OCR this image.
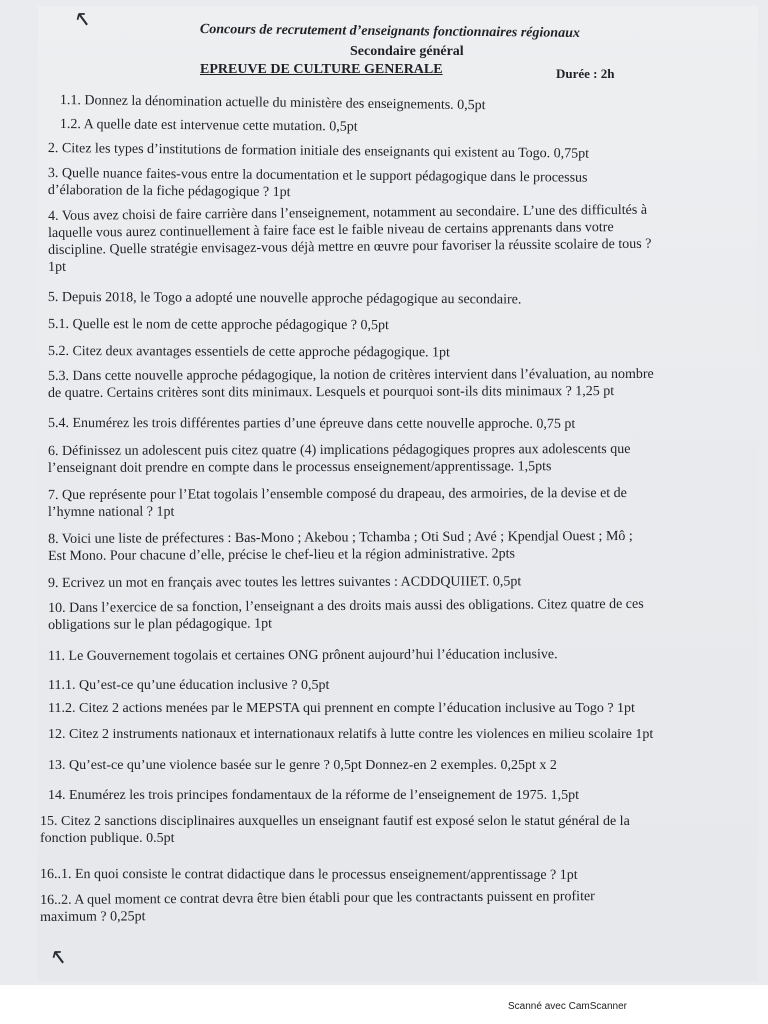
↖
↖
Concours de recrutement d’enseignants fonctionnaires régionaux
Secondaire général
EPREUVE DE CULTURE GENERALE	Durée : 2h
1.1. Donnez la dénomination actuelle du ministère des enseignements. 0,5pt
1.2. A quelle date est intervenue cette mutation. 0,5pt
2. Citez les types d’institutions de formation initiale des enseignants qui existent au Togo. 0,75pt
3. Quelle nuance faites-vous entre la documentation et le support pédagogique dans le processus
d’élaboration de la fiche pédagogique ? 1pt
4. Vous avez choisi de faire carrière dans l’enseignement, notamment au secondaire. L’une des difficultés à
laquelle vous aurez continuellement à faire face est le faible niveau de certains apprenants dans votre
discipline. Quelle stratégie envisagez-vous déjà mettre en œuvre pour favoriser la réussite scolaire de tous ?
1pt
5. Depuis 2018, le Togo a adopté une nouvelle approche pédagogique au secondaire.
5.1. Quelle est le nom de cette approche pédagogique ? 0,5pt
5.2. Citez deux avantages essentiels de cette approche pédagogique. 1pt
5.3. Dans cette nouvelle approche pédagogique, la notion de critères intervient dans l’évaluation, au nombre
de quatre. Certains critères sont dits minimaux. Lesquels et pourquoi sont-ils dits minimaux ? 1,25 pt
5.4. Enumérez les trois différentes parties d’une épreuve dans cette nouvelle approche. 0,75 pt
6. Définissez un adolescent puis citez quatre (4) implications pédagogiques propres aux adolescents que
l’enseignant doit prendre en compte dans le processus enseignement/apprentissage. 1,5pts
7. Que représente pour l’Etat togolais l’ensemble composé du drapeau, des armoiries, de la devise et de
l’hymne national ? 1pt
8. Voici une liste de préfectures : Bas-Mono ; Akebou ; Tchamba ; Oti Sud ; Avé ; Kpendjal Ouest ; Mô ;
Est Mono. Pour chacune d’elle, précise le chef-lieu et la région administrative. 2pts
9. Ecrivez un mot en français avec toutes les lettres suivantes : ACDDQUIIET. 0,5pt
10. Dans l’exercice de sa fonction, l’enseignant a des droits mais aussi des obligations. Citez quatre de ces
obligations sur le plan pédagogique. 1pt
11. Le Gouvernement togolais et certaines ONG prônent aujourd’hui l’éducation inclusive.
11.1. Qu’est-ce qu’une éducation inclusive ? 0,5pt
11.2. Citez 2 actions menées par le MEPSTA qui prennent en compte l’éducation inclusive au Togo ? 1pt
12. Citez 2 instruments nationaux et internationaux relatifs à lutte contre les violences en milieu scolaire 1pt
13. Qu’est-ce qu’une violence basée sur le genre ? 0,5pt Donnez-en 2 exemples. 0,25pt x 2
14. Enumérez les trois principes fondamentaux de la réforme de l’enseignement de 1975. 1,5pt
15. Citez 2 sanctions disciplinaires auxquelles un enseignant fautif est exposé selon le statut général de la
fonction publique. 0.5pt
16..1. En quoi consiste le contrat didactique dans le processus enseignement/apprentissage ? 1pt
16..2. A quel moment ce contrat devra être bien établi pour que les contractants puissent en profiter
maximum ? 0,25pt
Scanné avec CamScanner
